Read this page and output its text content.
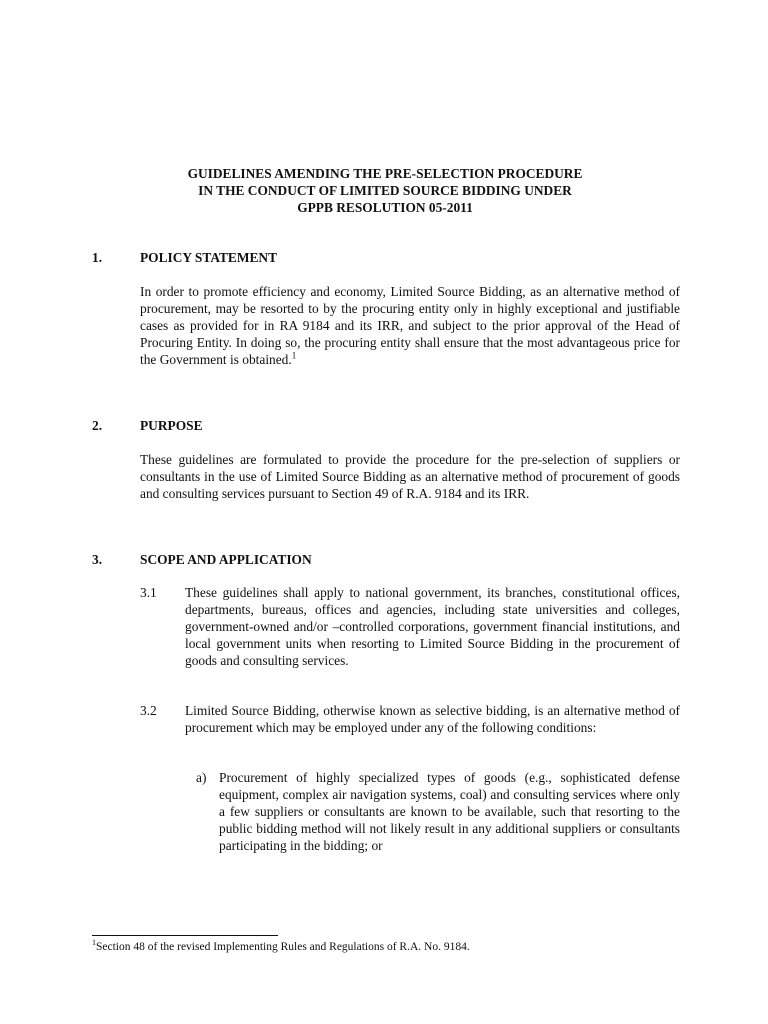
GUIDELINES AMENDING THE PRE-SELECTION PROCEDURE
IN THE CONDUCT OF LIMITED SOURCE BIDDING UNDER
GPPB RESOLUTION 05-2011
1.	POLICY STATEMENT

In order to promote efficiency and economy, Limited Source Bidding, as an alternative method of procurement, may be resorted to by the procuring entity only in highly exceptional and justifiable cases as provided for in RA 9184 and its IRR, and subject to the prior approval of the Head of Procuring Entity. In doing so, the procuring entity shall ensure that the most advantageous price for the Government is obtained.$^1$

2.	PURPOSE

These guidelines are formulated to provide the procedure for the pre-selection of suppliers or consultants in the use of Limited Source Bidding as an alternative method of procurement of goods and consulting services pursuant to Section 49 of R.A. 9184 and its IRR.

3.	SCOPE AND APPLICATION
3.1 These guidelines shall apply to national government, its branches, constitutional offices, departments, bureaus, offices and agencies, including state universities and colleges, government-owned and/or –controlled corporations, government financial institutions, and local government units when resorting to Limited Source Bidding in the procurement of goods and consulting services.

3.2 Limited Source Bidding, otherwise known as selective bidding, is an alternative method of procurement which may be employed under any of the following conditions:

a) Procurement of highly specialized types of goods (e.g., sophisticated defense equipment, complex air navigation systems, coal) and consulting services where only a few suppliers or consultants are known to be available, such that resorting to the public bidding method will not likely result in any additional suppliers or consultants participating in the bidding; or

$^1$Section 48 of the revised Implementing Rules and Regulations of R.A. No. 9184.
